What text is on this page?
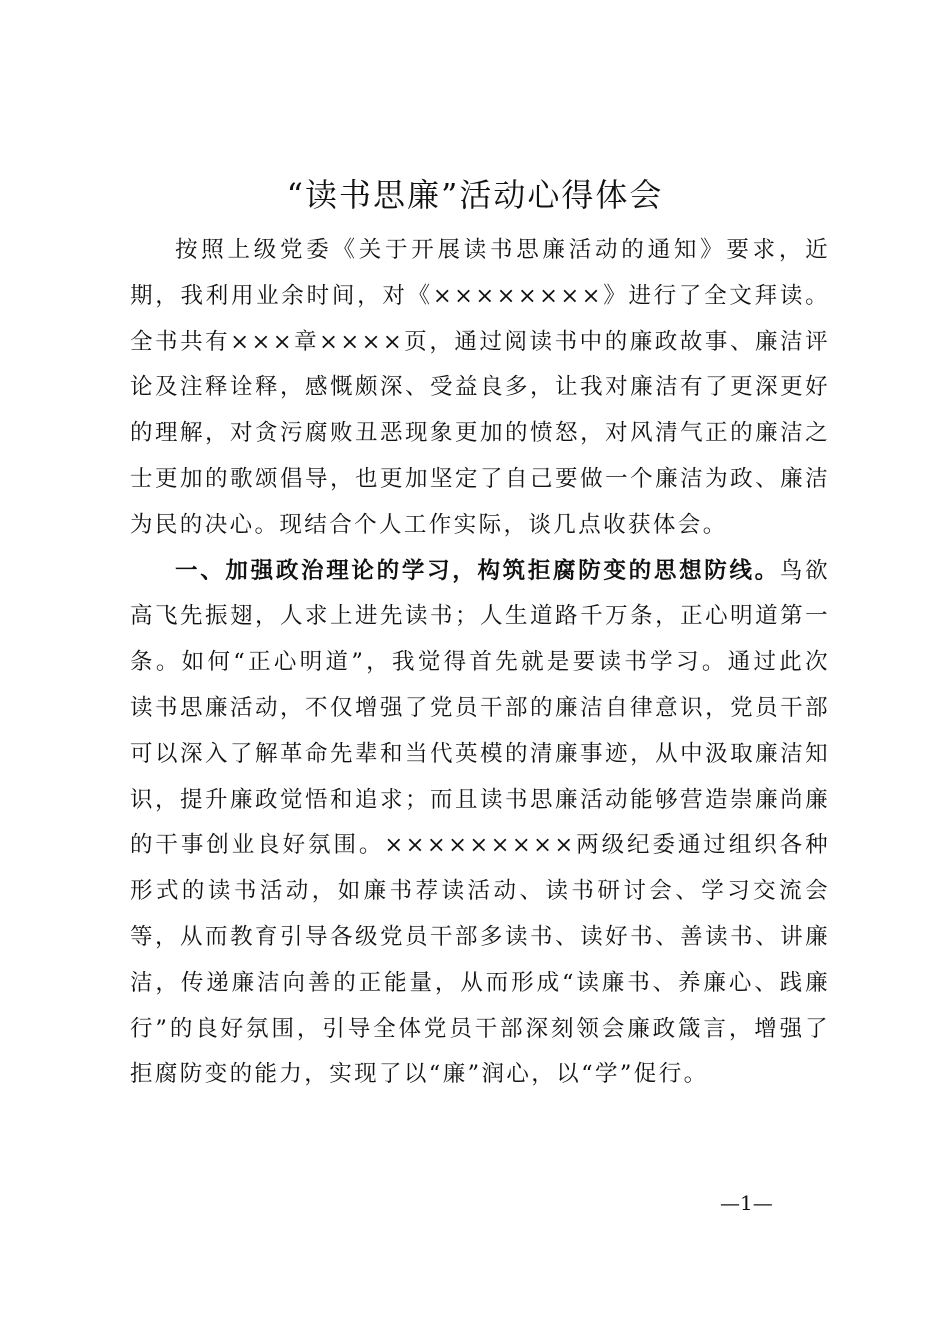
“读书思廉”活动心得体会

按照上级党委《关于开展读书思廉活动的通知》要求，近期，我利用业余时间，对《××××××××》进行了全文拜读。全书共有×××章××××页，通过阅读书中的廉政故事、廉洁评论及注释诠释，感慨颇深、受益良多，让我对廉洁有了更深更好的理解，对贪污腐败丑恶现象更加的愤怒，对风清气正的廉洁之士更加的歌颂倡导，也更加坚定了自己要做一个廉洁为政、廉洁为民的决心。现结合个人工作实际，谈几点收获体会。

一、加强政治理论的学习，构筑拒腐防变的思想防线。鸟欲高飞先振翅，人求上进先读书；人生道路千万条，正心明道第一条。如何“正心明道”，我觉得首先就是要读书学习。通过此次读书思廉活动，不仅增强了党员干部的廉洁自律意识，党员干部可以深入了解革命先辈和当代英模的清廉事迹，从中汲取廉洁知识，提升廉政觉悟和追求；而且读书思廉活动能够营造崇廉尚廉的干事创业良好氛围。×××××××××两级纪委通过组织各种形式的读书活动，如廉书荐读活动、读书研讨会、学习交流会等，从而教育引导各级党员干部多读书、读好书、善读书、讲廉洁，传递廉洁向善的正能量，从而形成“读廉书、养廉心、践廉行”的良好氛围，引导全体党员干部深刻领会廉政箴言，增强了拒腐防变的能力，实现了以“廉”润心，以“学”促行。

—1—
